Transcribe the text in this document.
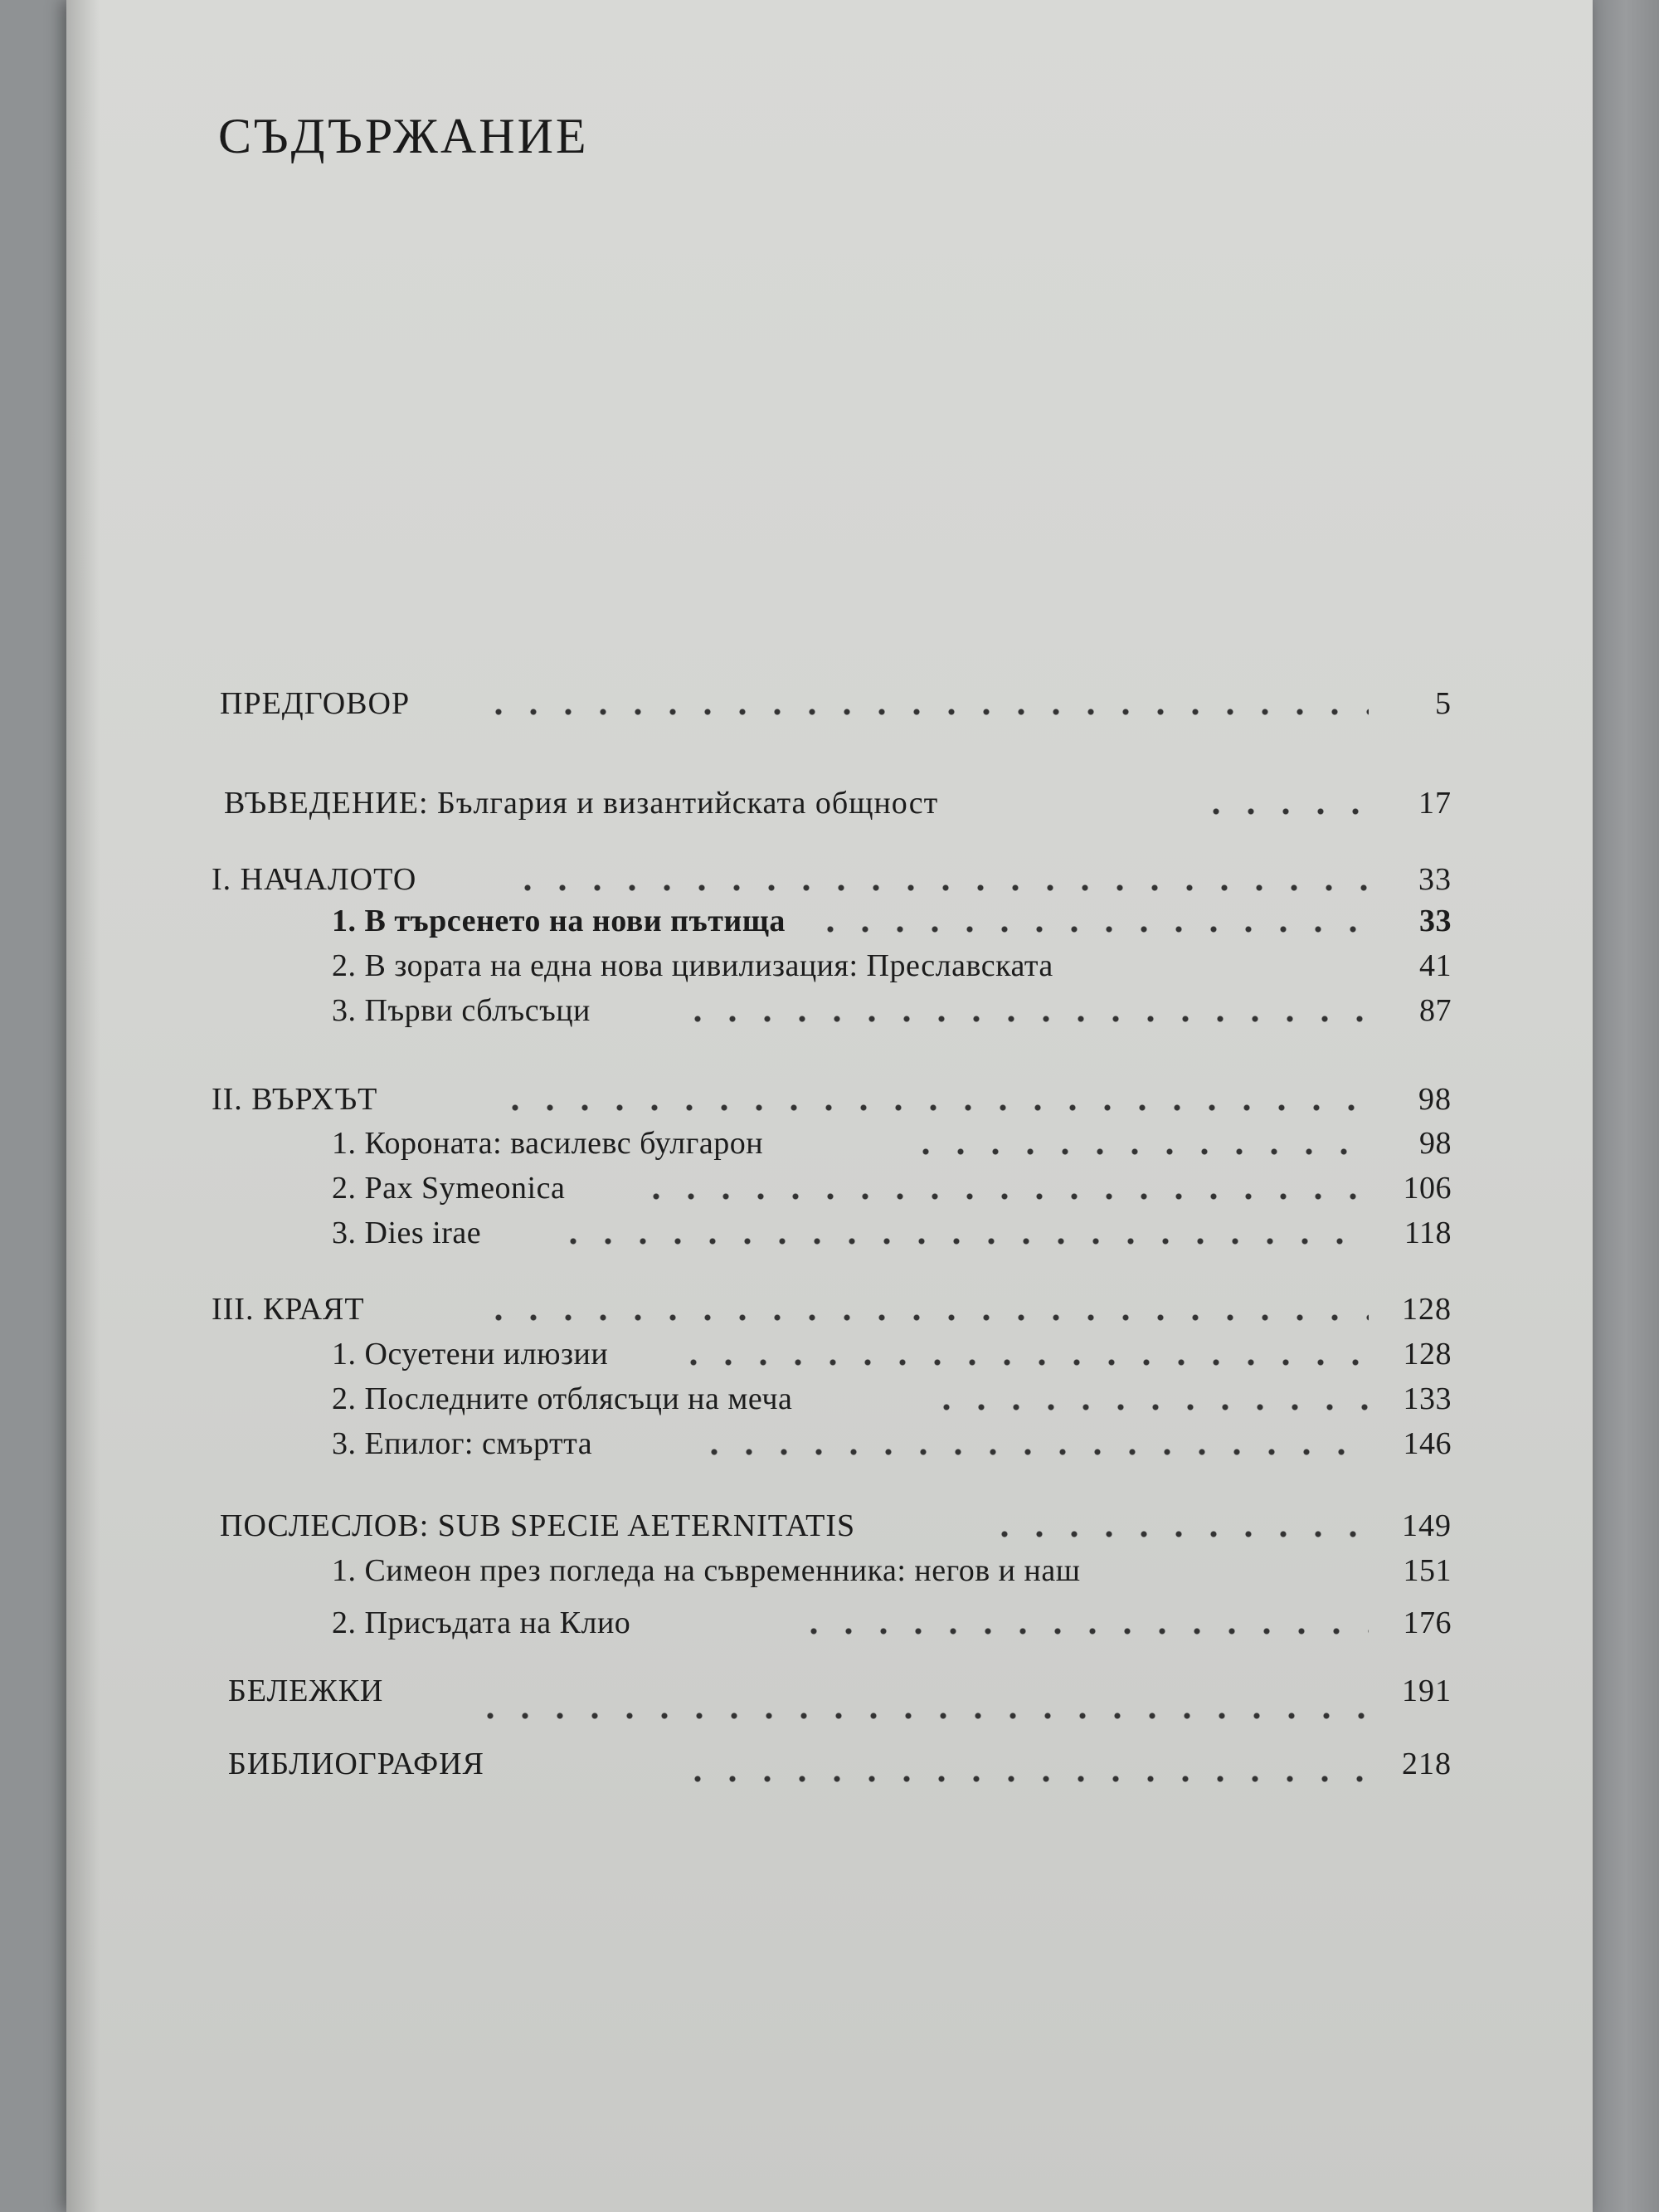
СЪДЪРЖАНИЕ
ПРЕДГОВОР	5
ВЪВЕДЕНИЕ: България и византийската общност	17
I. НАЧАЛОТО	33
1. В търсенето на нови пътища	33
2. В зората на една нова цивилизация: Преславската	41
3. Първи сблъсъци	87
II. ВЪРХЪТ	98
1. Короната: василевс булгарон	98
2. Pax Symeonica	106
3. Dies irae	118
III. КРАЯТ	128
1. Осуетени илюзии	128
2. Последните отблясъци на меча	133
3. Епилог: смъртта	146
ПОСЛЕСЛОВ: SUB SPECIE AETERNITATIS	149
1. Симеон през погледа на съвременника: негов и наш	151
2. Присъдата на Клио	176
БЕЛЕЖКИ	191
БИБЛИОГРАФИЯ	218
